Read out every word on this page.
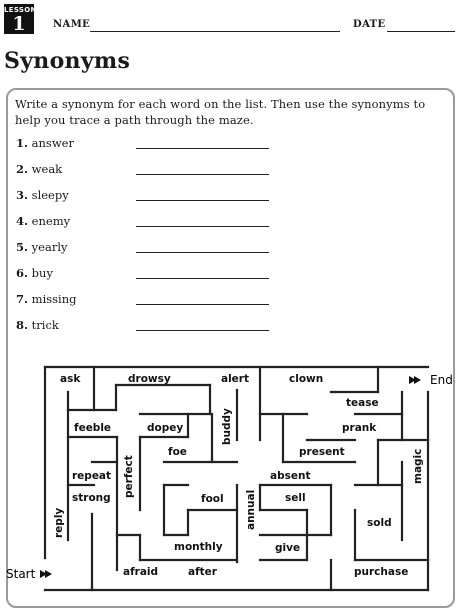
LESSON
1	NAME	DATE
Synonyms
Write a synonym for each word on the list. Then use the synonyms to help you trace a path through the maze.
1. answer
2. weak
3. sleepy
4. enemy
5. yearly
6. buy
7. missing
8. trick
Start
End
ask	drowsy	alert	clown
tease
feeble	dopey	buddy	prank
foe	present
repeat perfect	absent	magic
strong	fool	sell
reply	annual	sold
monthly	give
afraid	after	purchase
